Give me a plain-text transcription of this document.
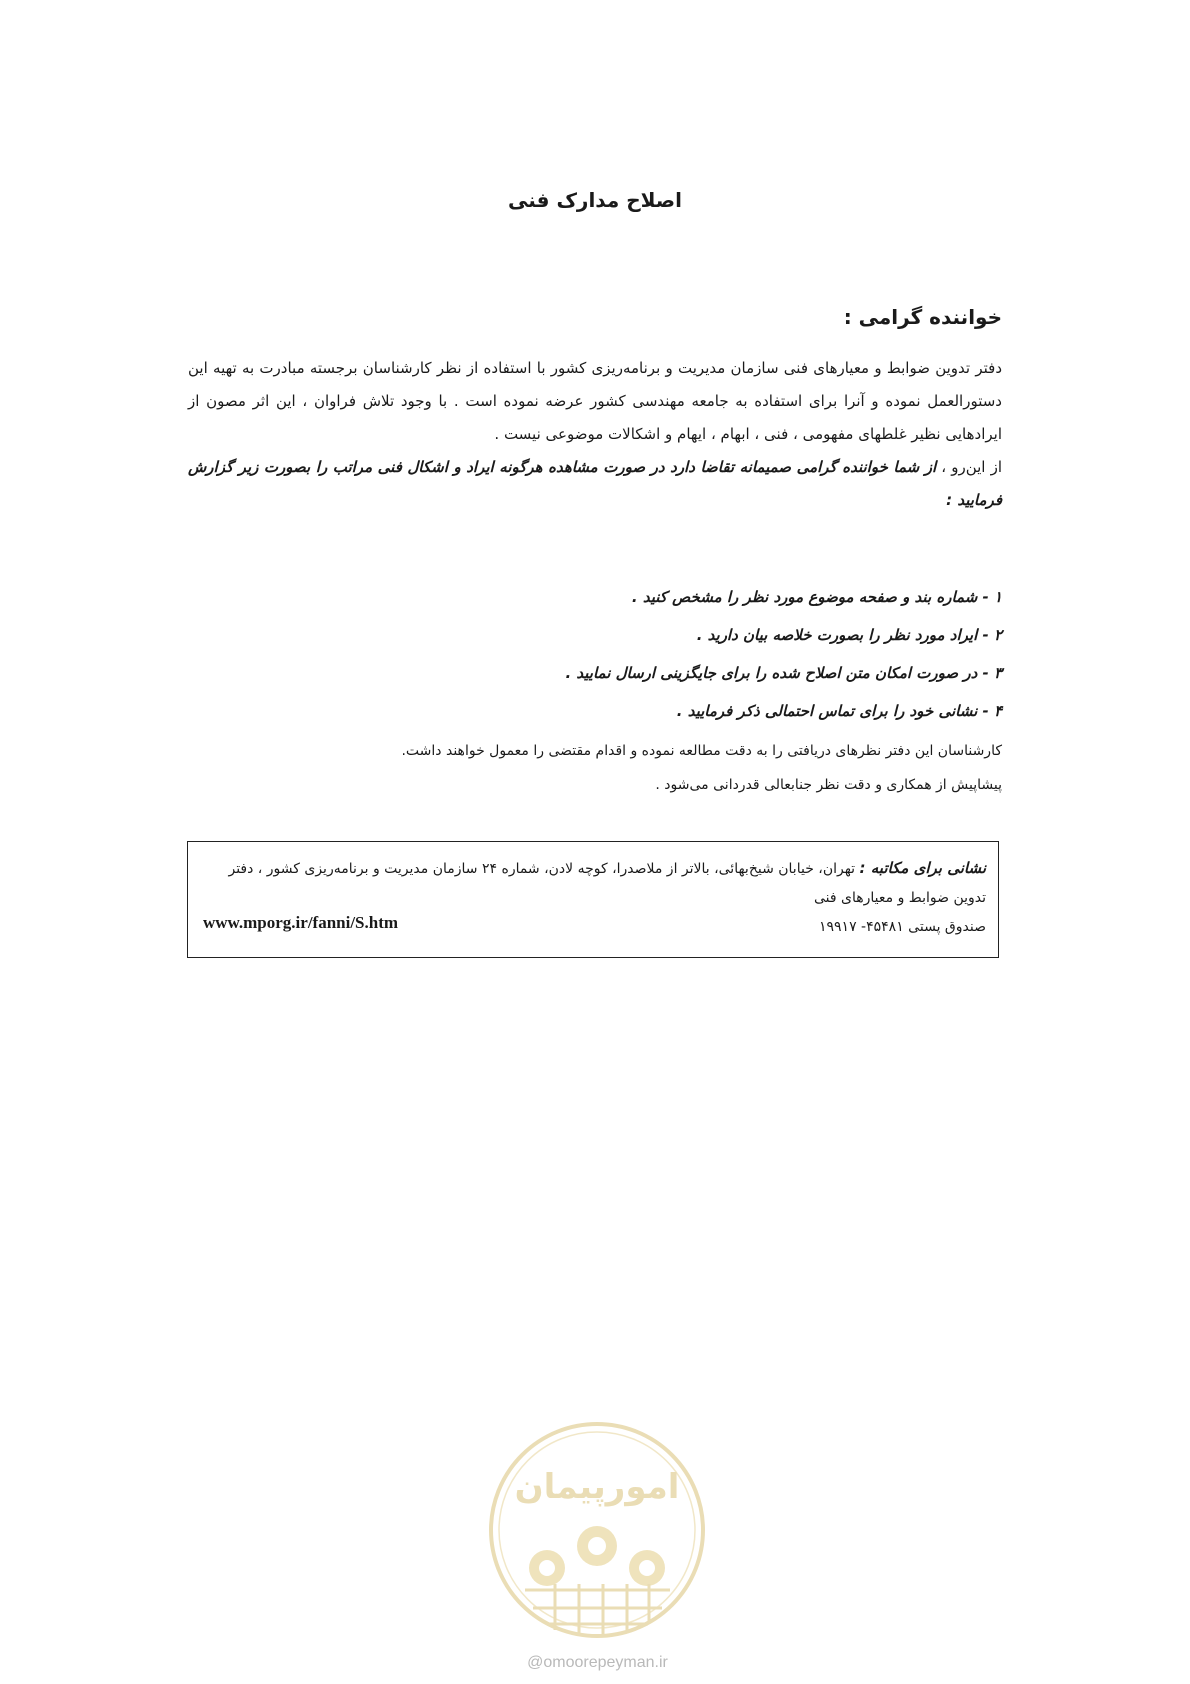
اصلاح مدارک فنی
خواننده گرامی :
دفتر تدوین ضوابط و معیارهای فنی سازمان مدیریت و برنامه‌ریزی کشور با استفاده از نظر کارشناسان برجسته مبادرت به تهیه این دستورالعمل نموده و آنرا برای استفاده به جامعه مهندسی کشور عرضه نموده است . با وجود تلاش فراوان ، این اثر مصون از ایرادهایی نظیر غلطهای مفهومی ، فنی ، ابهام ، ایهام و اشکالات موضوعی نیست .
از این‌رو ، از شما خواننده گرامی صمیمانه تقاضا دارد در صورت مشاهده هرگونه ایراد و اشکال فنی مراتب را بصورت زیر گزارش فرمایید :
۱ - شماره بند و صفحه موضوع مورد نظر را مشخص کنید .
۲ - ایراد مورد نظر را بصورت خلاصه بیان دارید .
۳ - در صورت امکان متن اصلاح شده را برای جایگزینی ارسال نمایید .
۴ - نشانی خود را برای تماس احتمالی ذکر فرمایید .
کارشناسان این دفتر نظرهای دریافتی را به دقت مطالعه نموده و اقدام مقتضی را معمول خواهند داشت.
پیشاپیش از همکاری و دقت نظر جنابعالی قدردانی می‌شود .
نشانی برای مکاتبه : تهران، خیابان شیخ‌بهائی، بالاتر از ملاصدرا، کوچه لادن، شماره ۲۴ سازمان مدیریت و برنامه‌ریزی کشور ، دفتر تدوین ضوابط و معیارهای فنی
صندوق پستی ۴۵۴۸۱- ۱۹۹۱۷
www.mporg.ir/fanni/S.htm
امورپیمان
@omoorepeyman.ir
